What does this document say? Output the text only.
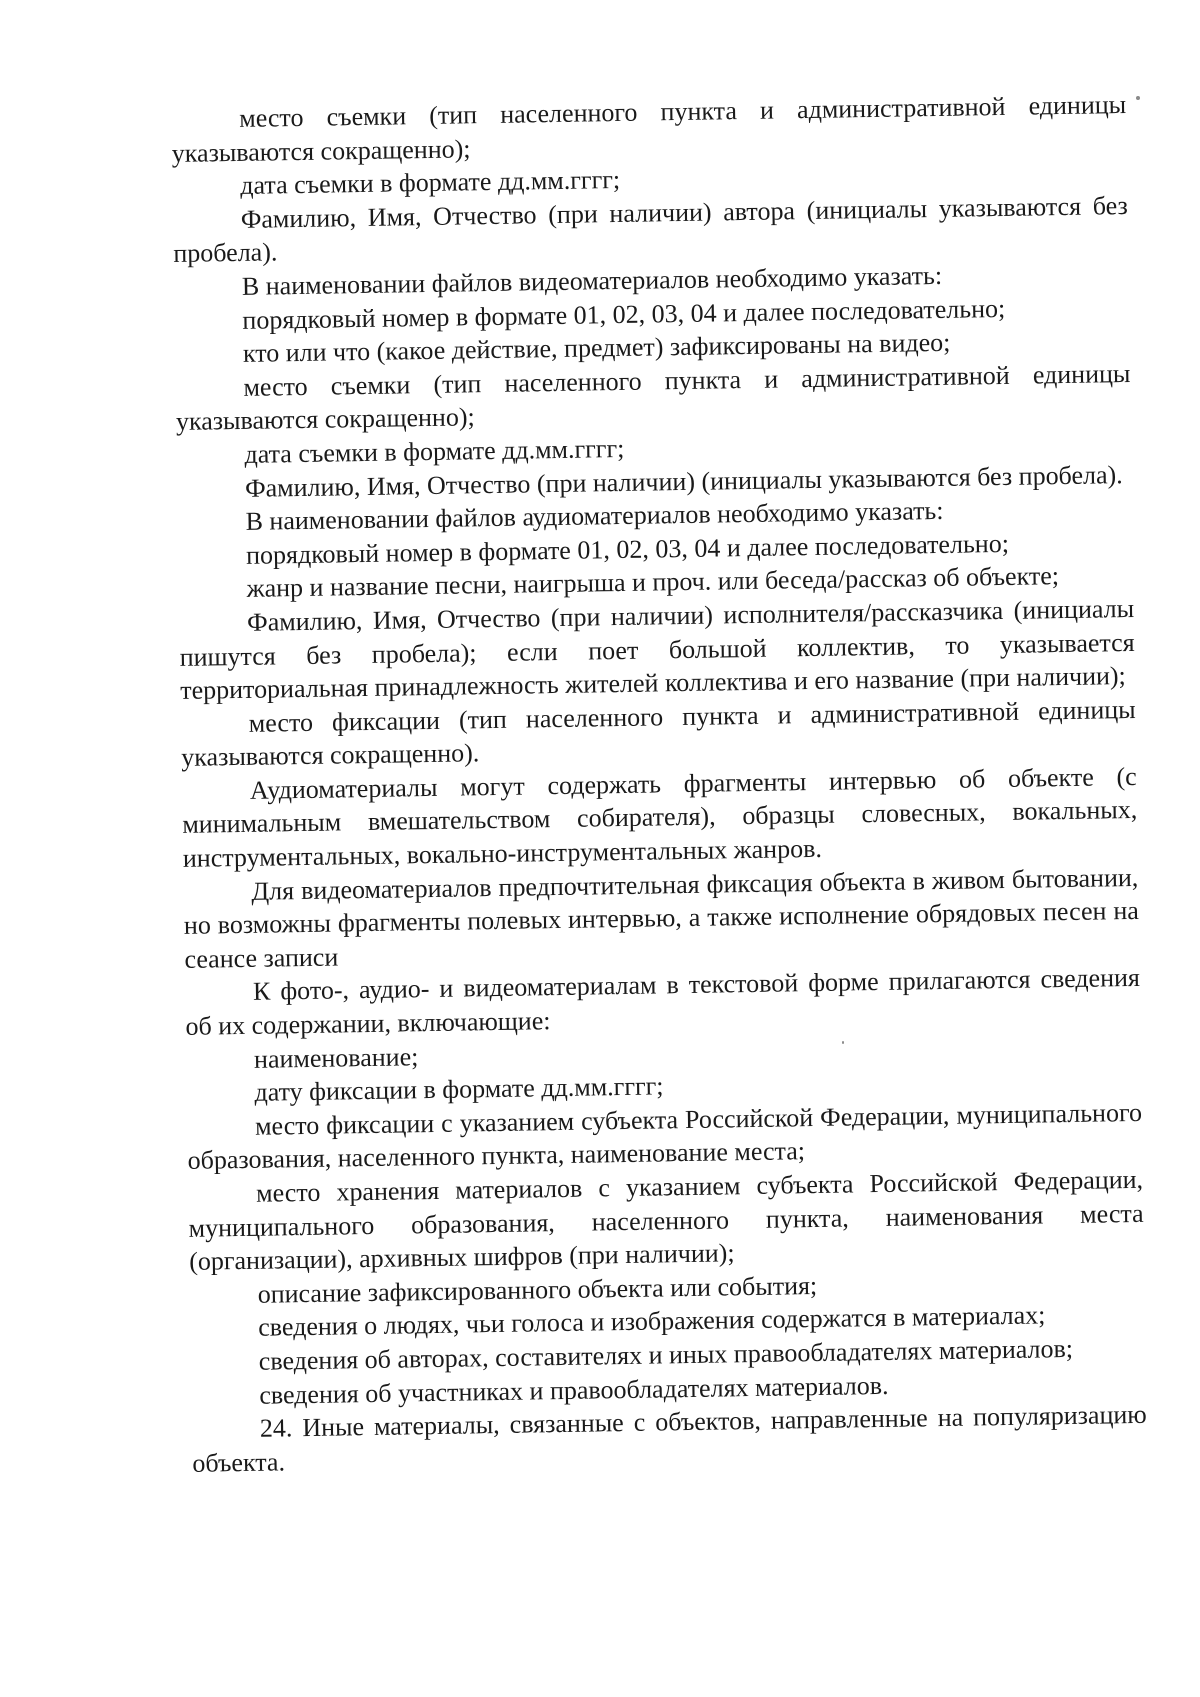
место съемки (тип населенного пункта и административной единицы указываются сокращенно);

дата съемки в формате дд.мм.гггг;

Фамилию, Имя, Отчество (при наличии) автора (инициалы указываются без пробела).

В наименовании файлов видеоматериалов необходимо указать:

порядковый номер в формате 01, 02, 03, 04 и далее последовательно;

кто или что (какое действие, предмет) зафиксированы на видео;

место съемки (тип населенного пункта и административной единицы указываются сокращенно);

дата съемки в формате дд.мм.гггг;

Фамилию, Имя, Отчество (при наличии) (инициалы указываются без пробела).

В наименовании файлов аудиоматериалов необходимо указать:

порядковый номер в формате 01, 02, 03, 04 и далее последовательно;

жанр и название песни, наигрыша и проч. или беседа/рассказ об объекте;

Фамилию, Имя, Отчество (при наличии) исполнителя/рассказчика (инициалы пишутся без пробела); если поет большой коллектив, то указывается территориальная принадлежность жителей коллектива и его название (при наличии);

место фиксации (тип населенного пункта и административной единицы указываются сокращенно).

Аудиоматериалы могут содержать фрагменты интервью об объекте (с минимальным вмешательством собирателя), образцы словесных, вокальных, инструментальных, вокально-инструментальных жанров.

Для видеоматериалов предпочтительная фиксация объекта в живом бытовании, но возможны фрагменты полевых интервью, а также исполнение обрядовых песен на сеансе записи

К фото-, аудио- и видеоматериалам в текстовой форме прилагаются сведения об их содержании, включающие:

наименование;

дату фиксации в формате дд.мм.гггг;

место фиксации с указанием субъекта Российской Федерации, муниципального образования, населенного пункта, наименование места;

место хранения материалов с указанием субъекта Российской Федерации, муниципального образования, населенного пункта, наименования места (организации), архивных шифров (при наличии);

описание зафиксированного объекта или события;

сведения о людях, чьи голоса и изображения содержатся в материалах;

сведения об авторах, составителях и иных правообладателях материалов;

сведения об участниках и правообладателях материалов.

24. Иные материалы, связанные с объектов, направленные на популяризацию объекта.
